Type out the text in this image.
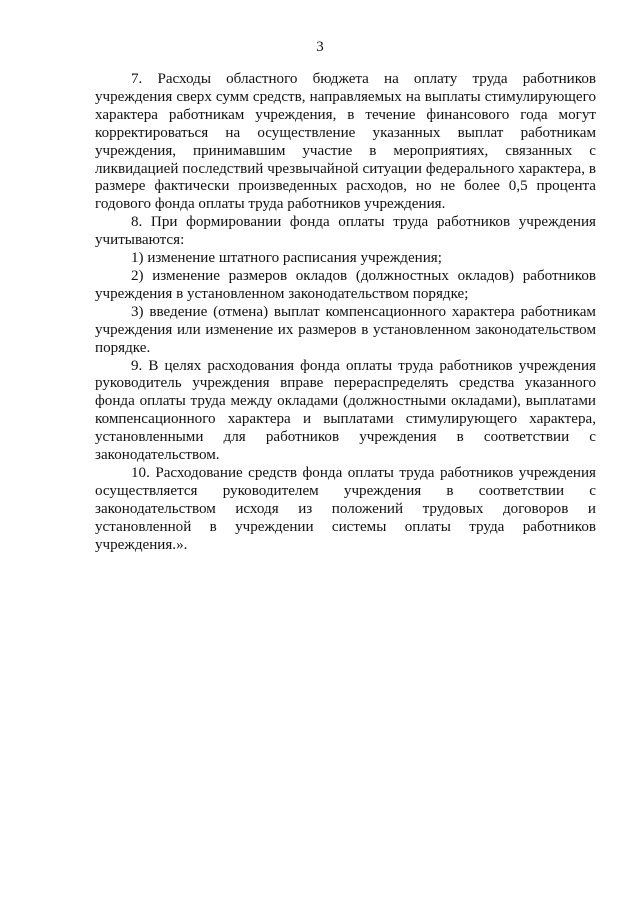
3

7. Расходы областного бюджета на оплату труда работников учреждения сверх сумм средств, направляемых на выплаты стимулирующего характера работникам учреждения, в течение финансового года могут корректироваться на осуществление указанных выплат работникам учреждения, принимавшим участие в мероприятиях, связанных с ликвидацией последствий чрезвычайной ситуации федерального характера, в размере фактически произведенных расходов, но не более 0,5 процента годового фонда оплаты труда работников учреждения.

8. При формировании фонда оплаты труда работников учреждения учитываются:

1) изменение штатного расписания учреждения;

2) изменение размеров окладов (должностных окладов) работников учреждения в установленном законодательством порядке;

3) введение (отмена) выплат компенсационного характера работникам учреждения или изменение их размеров в установленном законодательством порядке.

9. В целях расходования фонда оплаты труда работников учреждения руководитель учреждения вправе перераспределять средства указанного фонда оплаты труда между окладами (должностными окладами), выплатами компенсационного характера и выплатами стимулирующего характера, установленными для работников учреждения в соответствии с законодательством.

10. Расходование средств фонда оплаты труда работников учреждения осуществляется руководителем учреждения в соответствии с законодательством исходя из положений трудовых договоров и установленной в учреждении системы оплаты труда работников учреждения.».
